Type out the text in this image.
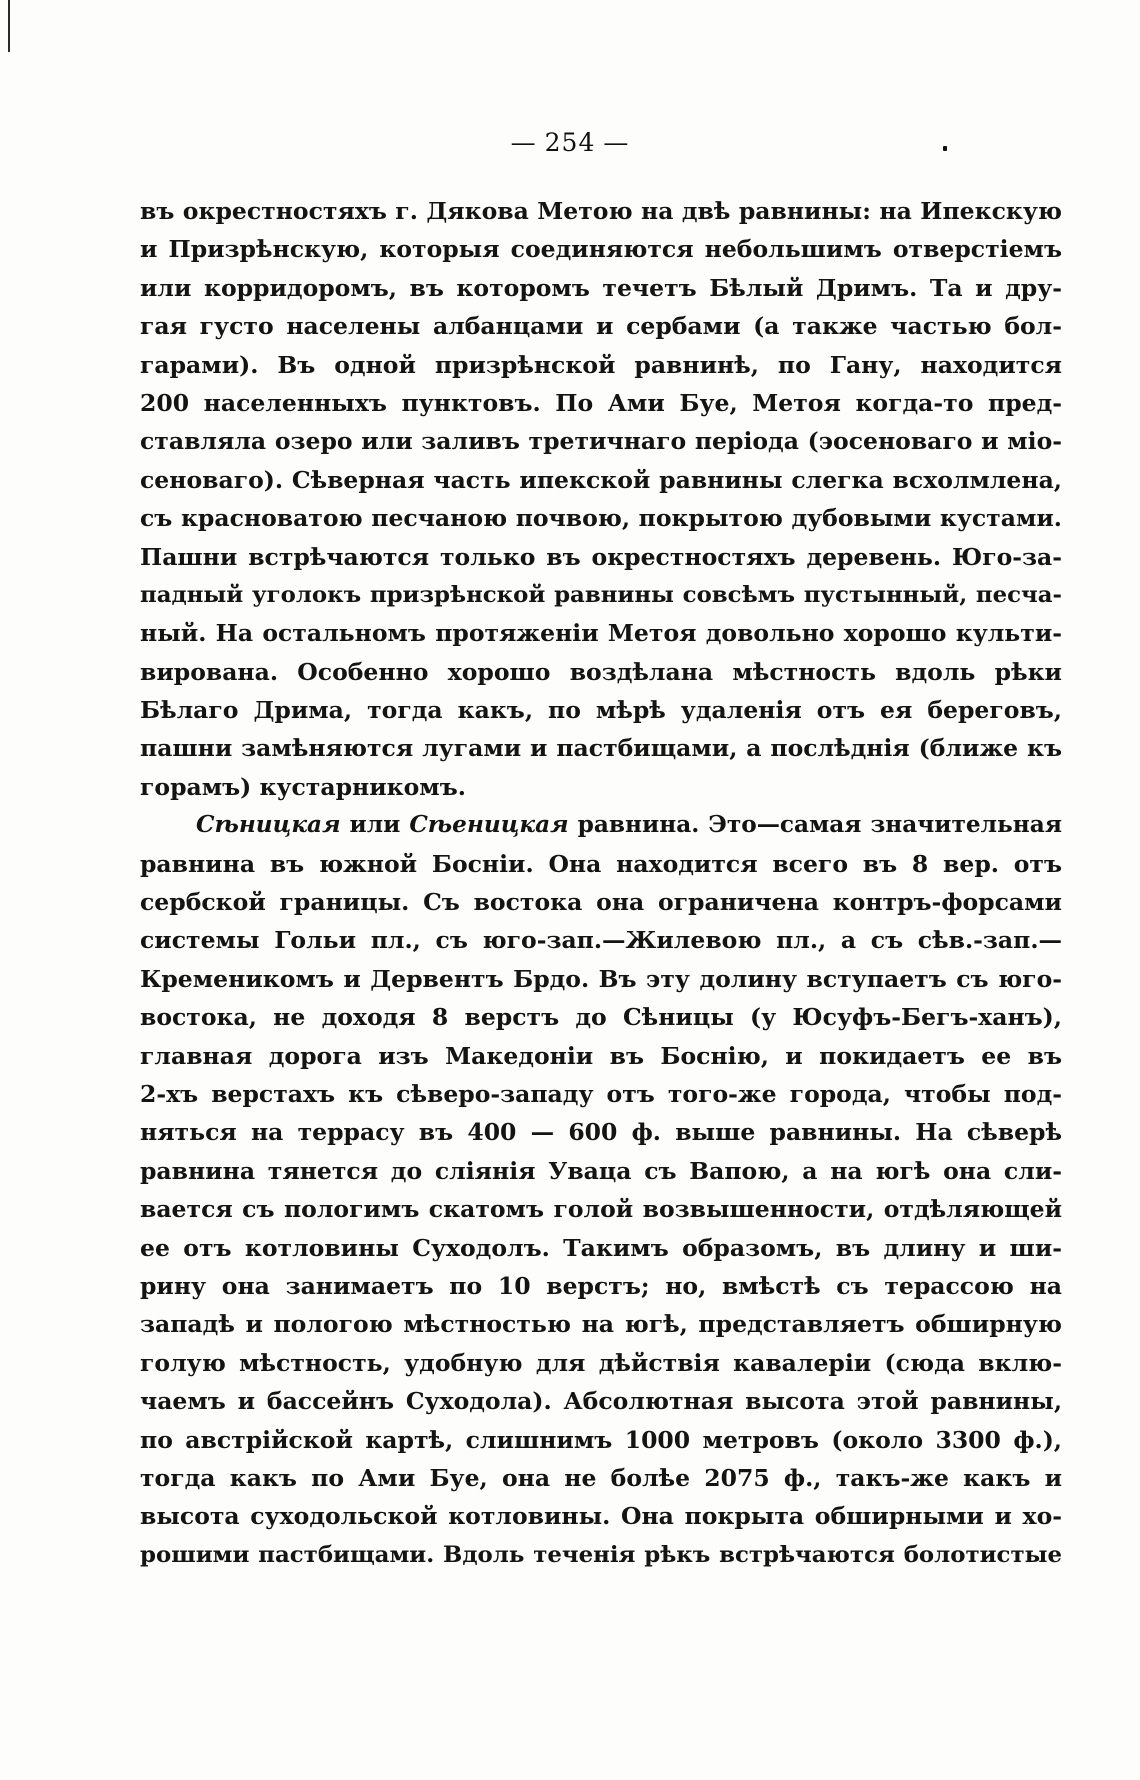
— 254 —
въ окрестностяхъ г. Дякова Метою на двѣ равнины: на Ипекскую
и Призрѣнскую, которыя соединяются небольшимъ отверстіемъ
или корридоромъ, въ которомъ течетъ Бѣлый Дримъ. Та и дру-
гая густо населены албанцами и сербами (а также частью бол-
гарами). Въ одной призрѣнской равнинѣ, по Гану, находится
200 населенныхъ пунктовъ. По Ами Буе, Метоя когда-то пред-
ставляла озеро или заливъ третичнаго періода (эосеноваго и міо-
сеноваго). Сѣверная часть ипекской равнины слегка всхолмлена,
съ красноватою песчаною почвою, покрытою дубовыми кустами.
Пашни встрѣчаются только въ окрестностяхъ деревень. Юго-за-
падный уголокъ призрѣнской равнины совсѣмъ пустынный, песча-
ный. На остальномъ протяженіи Метоя довольно хорошо культи-
вирована. Особенно хорошо воздѣлана мѣстность вдоль рѣки
Бѣлаго Дрима, тогда какъ, по мѣрѣ удаленія отъ ея береговъ,
пашни замѣняются лугами и пастбищами, а послѣднія (ближе къ
горамъ) кустарникомъ.
Сѣницкая или Сѣеницкая равнина. Это—самая значительная
равнина въ южной Босніи. Она находится всего въ 8 вер. отъ
сербской границы. Съ востока она ограничена контръ-форсами
системы Гольи пл., съ юго-зап.—Жилевою пл., а съ сѣв.-зап.—
Кременикомъ и Дервентъ Брдо. Въ эту долину вступаетъ съ юго-
востока, не доходя 8 верстъ до Сѣницы (у Юсуфъ-Бегъ-ханъ),
главная дорога изъ Македоніи въ Боснію, и покидаетъ ее въ
2-хъ верстахъ къ сѣверо-западу отъ того-же города, чтобы под-
няться на террасу въ 400 — 600 ф. выше равнины. На сѣверѣ
равнина тянется до сліянія Уваца съ Вапою, а на югѣ она сли-
вается съ пологимъ скатомъ голой возвышенности, отдѣляющей
ее отъ котловины Суходолъ. Такимъ образомъ, въ длину и ши-
рину она занимаетъ по 10 верстъ; но, вмѣстѣ съ терассою на
западѣ и пологою мѣстностью на югѣ, представляетъ обширную
голую мѣстность, удобную для дѣйствія кавалеріи (сюда вклю-
чаемъ и бассейнъ Суходола). Абсолютная высота этой равнины,
по австрійской картѣ, слишнимъ 1000 метровъ (около 3300 ф.),
тогда какъ по Ами Буе, она не болѣе 2075 ф., такъ-же какъ и
высота суходольской котловины. Она покрыта обширными и хо-
рошими пастбищами. Вдоль теченія рѣкъ встрѣчаются болотистые
